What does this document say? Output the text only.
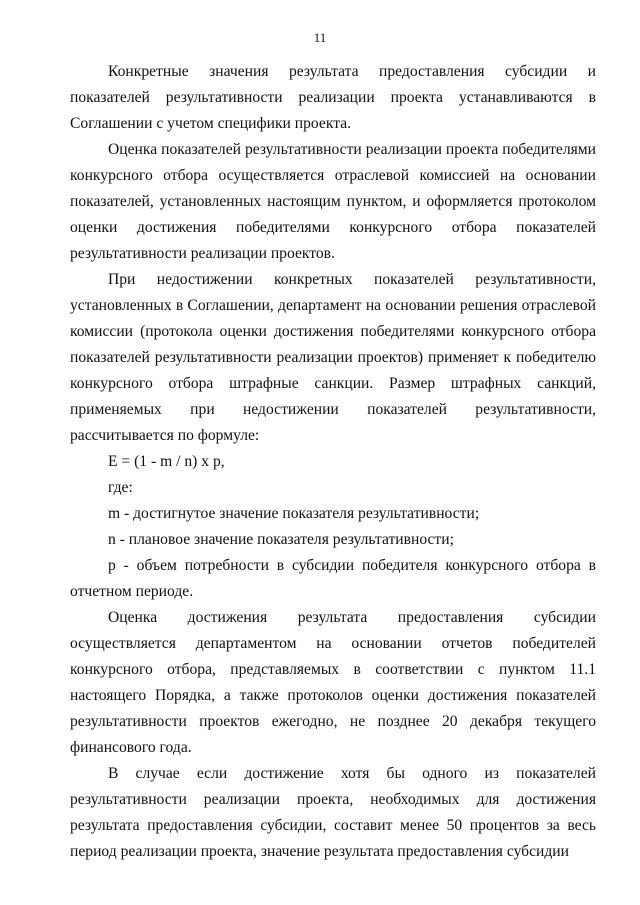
11

Конкретные значения результата предоставления субсидии и показателей результативности реализации проекта устанавливаются в Соглашении с учетом специфики проекта.

Оценка показателей результативности реализации проекта победителями конкурсного отбора осуществляется отраслевой комиссией на основании показателей, установленных настоящим пунктом, и оформляется протоколом оценки достижения победителями конкурсного отбора показателей результативности реализации проектов.

При недостижении конкретных показателей результативности, установленных в Соглашении, департамент на основании решения отраслевой комиссии (протокола оценки достижения победителями конкурсного отбора показателей результативности реализации проектов) применяет к победителю конкурсного отбора штрафные санкции. Размер штрафных санкций, применяемых при недостижении показателей результативности, рассчитывается по формуле:

E = (1 - m / n) x p,

где:

m - достигнутое значение показателя результативности;

n - плановое значение показателя результативности;

p - объем потребности в субсидии победителя конкурсного отбора в отчетном периоде.

Оценка достижения результата предоставления субсидии осуществляется департаментом на основании отчетов победителей конкурсного отбора, представляемых в соответствии с пунктом 11.1 настоящего Порядка, а также протоколов оценки достижения показателей результативности проектов ежегодно, не позднее 20 декабря текущего финансового года.

В случае если достижение хотя бы одного из показателей результативности реализации проекта, необходимых для достижения результата предоставления субсидии, составит менее 50 процентов за весь период реализации проекта, значение результата предоставления субсидии
